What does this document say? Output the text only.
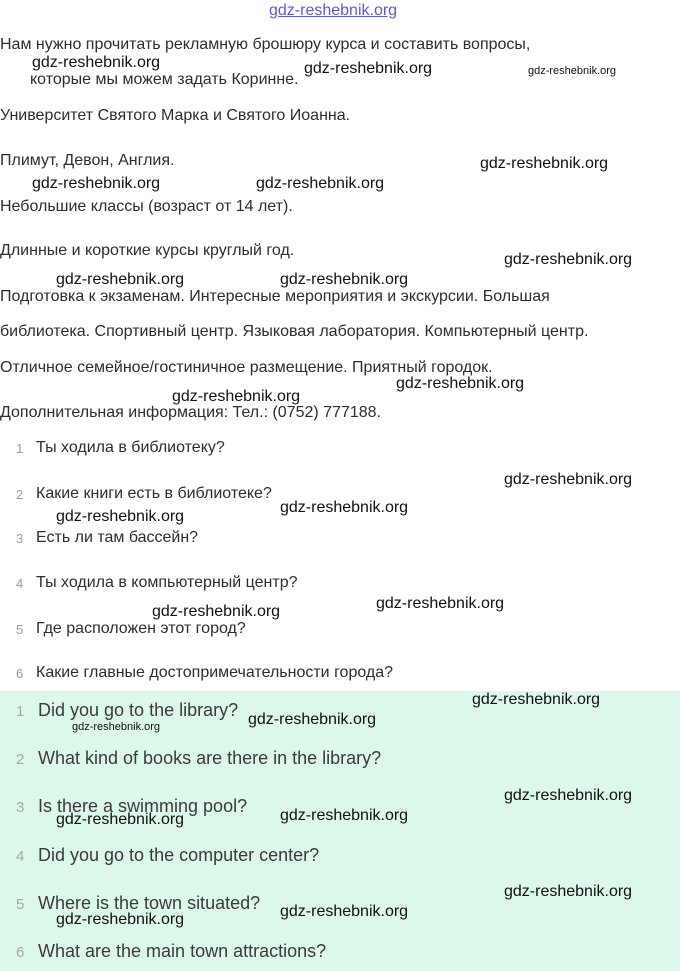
gdz-reshebnik.org
Нам нужно прочитать рекламную брошюру курса и составить вопросы,
которые мы можем задать Коринне.
Университет Святого Марка и Святого Иоанна.
Плимут, Девон, Англия.
Небольшие классы (возраст от 14 лет).
Длинные и короткие курсы круглый год.
Подготовка к экзаменам. Интересные мероприятия и экскурсии. Большая
библиотека. Спортивный центр. Языковая лаборатория. Компьютерный центр.
Отличное семейное/гостиничное размещение. Приятный городок.
Дополнительная информация: Тел.: (0752) 777188.
1 Ты ходила в библиотеку?
2 Какие книги есть в библиотеке?
3 Есть ли там бассейн?
4 Ты ходила в компьютерный центр?
5 Где расположен этот город?
6 Какие главные достопримечательности города?
1 Did you go to the library?
2 What kind of books are there in the library?
3 Is there a swimming pool?
4 Did you go to the computer center?
5 Where is the town situated?
6 What are the main town attractions?
gdz-reshebnik.org	gdz-reshebnik.org	gdz-reshebnik.org
gdz-reshebnik.org
gdz-reshebnik.org	gdz-reshebnik.org
gdz-reshebnik.org
gdz-reshebnik.org	gdz-reshebnik.org
gdz-reshebnik.org
gdz-reshebnik.org
gdz-reshebnik.org
gdz-reshebnik.org
gdz-reshebnik.org
gdz-reshebnik.org
gdz-reshebnik.org
gdz-reshebnik.org
gdz-reshebnik.org
gdz-reshebnik.org
gdz-reshebnik.org
gdz-reshebnik.org
gdz-reshebnik.org
gdz-reshebnik.org
gdz-reshebnik.org
gdz-reshebnik.org
